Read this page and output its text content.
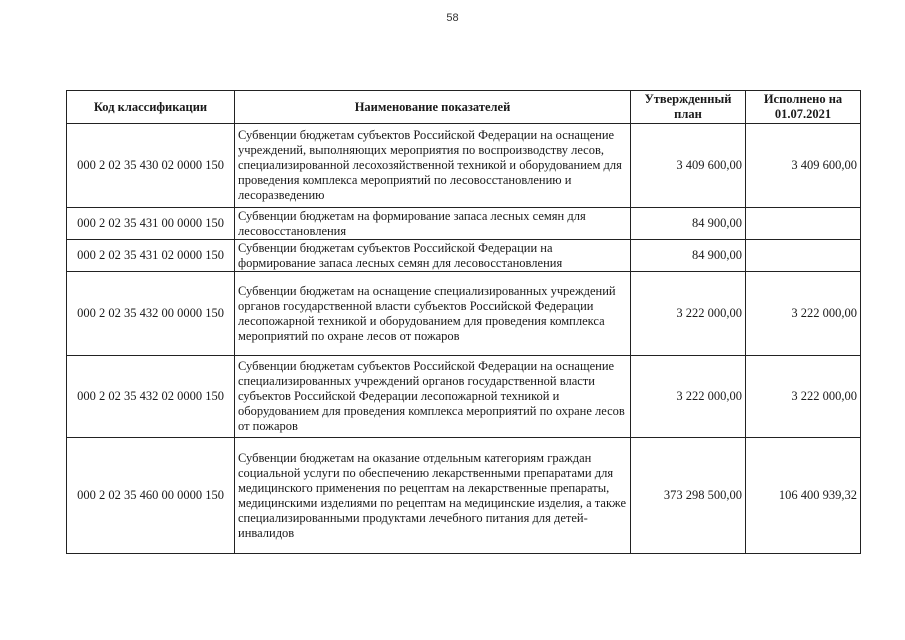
58
Код классификации	Наименование показателей	Утвержденный план	Исполнено на 01.07.2021
000 2 02 35 430 02 0000 150	Субвенции бюджетам субъектов Российской Федерации на оснащение учреждений, выполняющих мероприятия по воспроизводству лесов, специализированной лесохозяйственной техникой и оборудованием для проведения комплекса мероприятий по лесовосстановлению и лесоразведению	3 409 600,00	3 409 600,00
000 2 02 35 431 00 0000 150	Субвенции бюджетам на формирование запаса лесных семян для лесовосстановления	84 900,00	
000 2 02 35 431 02 0000 150	Субвенции бюджетам субъектов Российской Федерации на формирование запаса лесных семян для лесовосстановления	84 900,00	
000 2 02 35 432 00 0000 150	Субвенции бюджетам на оснащение специализированных учреждений органов государственной власти субъектов Российской Федерации лесопожарной техникой и оборудованием для проведения комплекса мероприятий по охране лесов от пожаров	3 222 000,00	3 222 000,00
000 2 02 35 432 02 0000 150	Субвенции бюджетам субъектов Российской Федерации на оснащение специализированных учреждений органов государственной власти субъектов Российской Федерации лесопожарной техникой и оборудованием для проведения комплекса мероприятий по охране лесов от пожаров	3 222 000,00	3 222 000,00
000 2 02 35 460 00 0000 150	Субвенции бюджетам на оказание отдельным категориям граждан социальной услуги по обеспечению лекарственными препаратами для медицинского применения по рецептам на лекарственные препараты, медицинскими изделиями по рецептам на медицинские изделия, а также специализированными продуктами лечебного питания для детей-инвалидов	373 298 500,00	106 400 939,32
